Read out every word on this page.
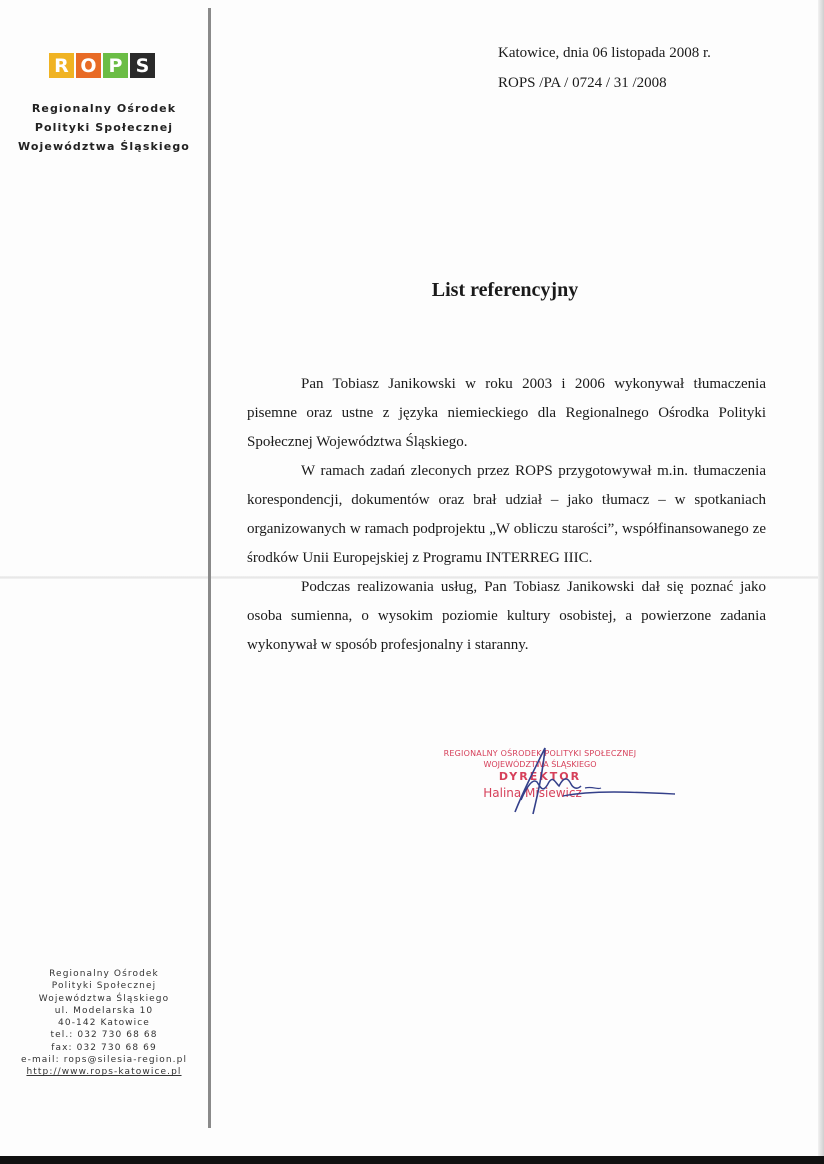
R O P S
Regionalny Ośrodek
Polityki Społecznej
Województwa Śląskiego
Katowice, dnia 06 listopada 2008 r.
ROPS /PA / 0724 / 31 /2008
List referencyjny

Pan Tobiasz Janikowski w roku 2003 i 2006 wykonywał tłumaczenia pisemne oraz ustne z języka niemieckiego dla Regionalnego Ośrodka Polityki Społecznej Województwa Śląskiego.

W ramach zadań zleconych przez ROPS przygotowywał m.in. tłumaczenia korespondencji, dokumentów oraz brał udział – jako tłumacz – w spotkaniach organizowanych w ramach podprojektu „W obliczu starości”, współfinansowanego ze środków Unii Europejskiej z Programu INTERREG IIIC.

Podczas realizowania usług, Pan Tobiasz Janikowski dał się poznać jako osoba sumienna, o wysokim poziomie kultury osobistej, a powierzone zadania wykonywał w sposób profesjonalny i staranny.

REGIONALNY OŚRODEK POLITYKI SPOŁECZNEJ
WOJEWÓDZTWA ŚLĄSKIEGO
DYREKTOR
Halina Misiewicz
Regionalny Ośrodek
Polityki Społecznej
Województwa Śląskiego
ul. Modelarska 10
40-142 Katowice
tel.: 032 730 68 68
fax: 032 730 68 69
e-mail: rops@silesia-region.pl
http://www.rops-katowice.pl
